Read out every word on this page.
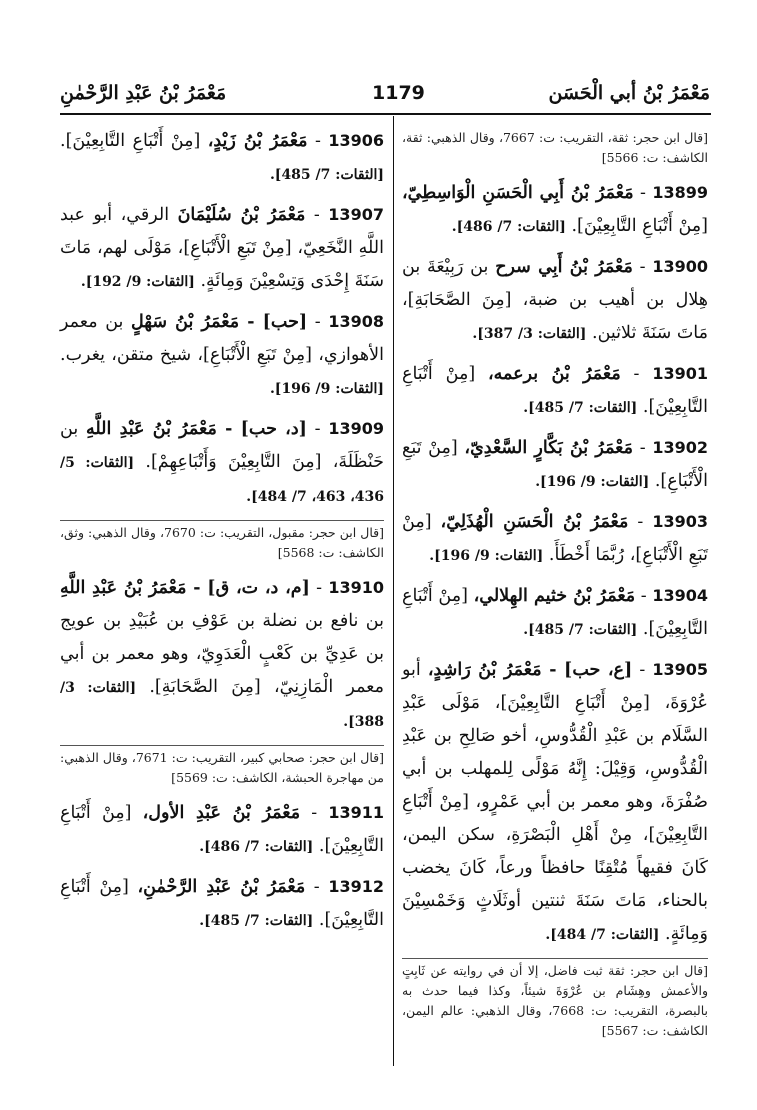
مَعْمَرُ بْنُ أبي الْحَسَن
1179
مَعْمَرُ بْنُ عَبْدِ الرَّحْمٰنِ
[قال ابن حجر: ثقة، التقريب: ت: 7667، وقال الذهبي: ثقة، الكاشف: ت: 5566]
13899 - مَعْمَرُ بْنُ أَبِي الْحَسَنِ الْوَاسِطِيّ، [مِنْ أَتْبَاعِ التَّابِعِيْنَ]. [الثقات: 7/ 486].
13900 - مَعْمَرُ بْنُ أَبِي سرح بن رَبِيْعَةَ بن هِلال بن أهيب بن ضبة، [مِنَ الصَّحَابَةِ]، مَاتَ سَنَةَ ثلاثين. [الثقات: 3/ 387].
13901 - مَعْمَرُ بْنُ برعمه، [مِنْ أَتْبَاعِ التَّابِعِيْنَ]. [الثقات: 7/ 485].
13902 - مَعْمَرُ بْنُ بَكَّارٍ السَّعْدِيّ، [مِنْ تَبَعِ الْأَتْبَاعِ]. [الثقات: 9/ 196].
13903 - مَعْمَرُ بْنُ الْحَسَنِ الْهُذَلِيّ، [مِنْ تَبَعِ الْأَتْبَاعِ]، رُبَّمَا أَخْطَأَ. [الثقات: 9/ 196].
13904 - مَعْمَرُ بْنُ خثيم الهِلالي، [مِنْ أَتْبَاعِ التَّابِعِيْنَ]. [الثقات: 7/ 485].
13905 - [ع، حب] - مَعْمَرُ بْنُ رَاشِدٍ، أبو عُرْوَةَ، [مِنْ أَتْبَاعِ التَّابِعِيْنَ]، مَوْلَى عَبْدِ السَّلَام بن عَبْدِ الْقُدُّوسِ، أخو صَالِحِ بن عَبْدِ الْقُدُّوسِ، وَقِيْلَ: إِنَّهُ مَوْلًى لِلمهلب بن أبي صُفْرَةَ، وهو معمر بن أبي عَمْرٍو، [مِنْ أَتْبَاعِ التَّابِعِيْنَ]، مِنْ أَهْلِ الْبَصْرَةِ، سكن اليمن، كَانَ فقيهاً مُتْقِنًا حافظاً ورعاً، كَانَ يخضب بالحناء، مَاتَ سَنَةَ ثنتين أوثَلَاثٍ وَخَمْسِيْنَ وَمِائَةٍ. [الثقات: 7/ 484].
[قال ابن حجر: ثقة ثبت فاضل، إلا أن في روايته عن ثَابِتٍ والأعمش وهِشَام بن عُرْوَةَ شيئاً، وكذا فيما حدث به بالبصرة، التقريب: ت: 7668، وقال الذهبي: عالم اليمن، الكاشف: ت: 5567]
13906 - مَعْمَرُ بْنُ زَيْدٍ، [مِنْ أَتْبَاعِ التَّابِعِيْنَ]. [الثقات: 7/ 485].
13907 - مَعْمَرُ بْنُ سُلَيْمَانَ الرقي، أبو عبد اللَّهِ النَّخَعِيّ، [مِنْ تَبَعِ الْأَتْبَاعِ]، مَوْلَى لهم، مَاتَ سَنَةَ إِحْدَى وَتِسْعِيْنَ وَمِائَةٍ. [الثقات: 9/ 192].
13908 - [حب] - مَعْمَرُ بْنُ سَهْلٍ بن معمر الأهوازي، [مِنْ تَبَعِ الْأَتْبَاعِ]، شيخ متقن، يغرب. [الثقات: 9/ 196].
13909 - [د، حب] - مَعْمَرُ بْنُ عَبْدِ اللَّهِ بن حَنْظَلَةَ، [مِنَ التَّابِعِيْنَ وَأَتْبَاعِهِمْ]. [الثقات: 5/ 436، 463، 7/ 484].
[قال ابن حجر: مقبول، التقريب: ت: 7670، وقال الذهبي: وثق، الكاشف: ت: 5568]
13910 - [م، د، ت، ق] - مَعْمَرُ بْنُ عَبْدِ اللَّهِ بن نافع بن نضلة بن عَوْفِ بن عُبَيْدِ بن عويج بن عَدِيِّ بن كَعْبٍ الْعَدَوِيّ، وهو معمر بن أبي معمر الْمَازِنِيّ، [مِنَ الصَّحَابَةِ]. [الثقات: 3/ 388].
[قال ابن حجر: صحابي كبير، التقريب: ت: 7671، وقال الذهبي: من مهاجرة الحبشة، الكاشف: ت: 5569]
13911 - مَعْمَرُ بْنُ عَبْدِ الأول، [مِنْ أَتْبَاعِ التَّابِعِيْنَ]. [الثقات: 7/ 486].
13912 - مَعْمَرُ بْنُ عَبْدِ الرَّحْمٰنِ، [مِنْ أَتْبَاعِ التَّابِعِيْنَ]. [الثقات: 7/ 485].
